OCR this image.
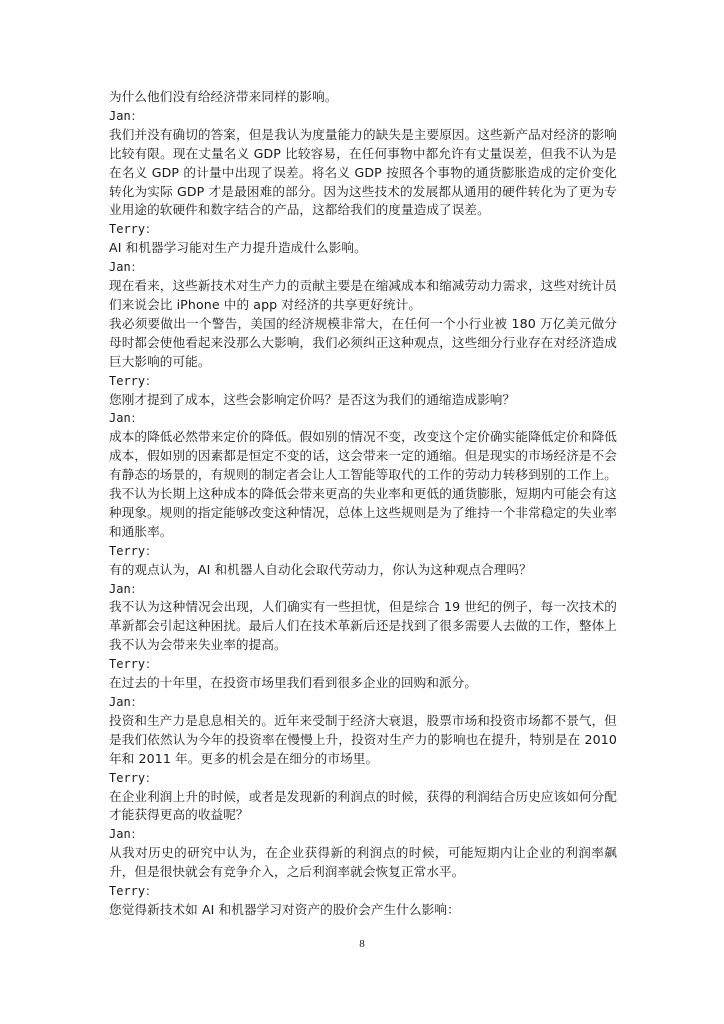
为什么他们没有给经济带来同样的影响。

Jan：

我们并没有确切的答案，但是我认为度量能力的缺失是主要原因。这些新产品对经济的影响比较有限。现在丈量名义 GDP 比较容易，在任何事物中都允许有丈量误差，但我不认为是在名义 GDP 的计量中出现了误差。将名义 GDP 按照各个事物的通货膨胀造成的定价变化转化为实际 GDP 才是最困难的部分。因为这些技术的发展都从通用的硬件转化为了更为专业用途的软硬件和数字结合的产品，这都给我们的度量造成了误差。

Terry：

AI 和机器学习能对生产力提升造成什么影响。

Jan：

现在看来，这些新技术对生产力的贡献主要是在缩减成本和缩减劳动力需求，这些对统计员们来说会比 iPhone 中的 app 对经济的共享更好统计。

我必须要做出一个警告，美国的经济规模非常大，在任何一个小行业被 180 万亿美元做分母时都会使他看起来没那么大影响，我们必须纠正这种观点，这些细分行业存在对经济造成巨大影响的可能。

Terry：

您刚才提到了成本，这些会影响定价吗？是否这为我们的通缩造成影响？

Jan：

成本的降低必然带来定价的降低。假如别的情况不变，改变这个定价确实能降低定价和降低成本，假如别的因素都是恒定不变的话，这会带来一定的通缩。但是现实的市场经济是不会有静态的场景的，有规则的制定者会让人工智能等取代的工作的劳动力转移到别的工作上。我不认为长期上这种成本的降低会带来更高的失业率和更低的通货膨胀，短期内可能会有这种现象。规则的指定能够改变这种情况，总体上这些规则是为了维持一个非常稳定的失业率和通胀率。

Terry：

有的观点认为，AI 和机器人自动化会取代劳动力，你认为这种观点合理吗？

Jan：

我不认为这种情况会出现，人们确实有一些担忧，但是综合 19 世纪的例子，每一次技术的革新都会引起这种困扰。最后人们在技术革新后还是找到了很多需要人去做的工作，整体上我不认为会带来失业率的提高。

Terry：

在过去的十年里，在投资市场里我们看到很多企业的回购和派分。

Jan：

投资和生产力是息息相关的。近年来受制于经济大衰退，股票市场和投资市场都不景气，但是我们依然认为今年的投资率在慢慢上升，投资对生产力的影响也在提升，特别是在 2010 年和 2011 年。更多的机会是在细分的市场里。

Terry：

在企业利润上升的时候，或者是发现新的利润点的时候，获得的利润结合历史应该如何分配才能获得更高的收益呢？

Jan：

从我对历史的研究中认为，在企业获得新的利润点的时候，可能短期内让企业的利润率飙升，但是很快就会有竞争介入，之后利润率就会恢复正常水平。

Terry：

您觉得新技术如 AI 和机器学习对资产的股价会产生什么影响：

8
